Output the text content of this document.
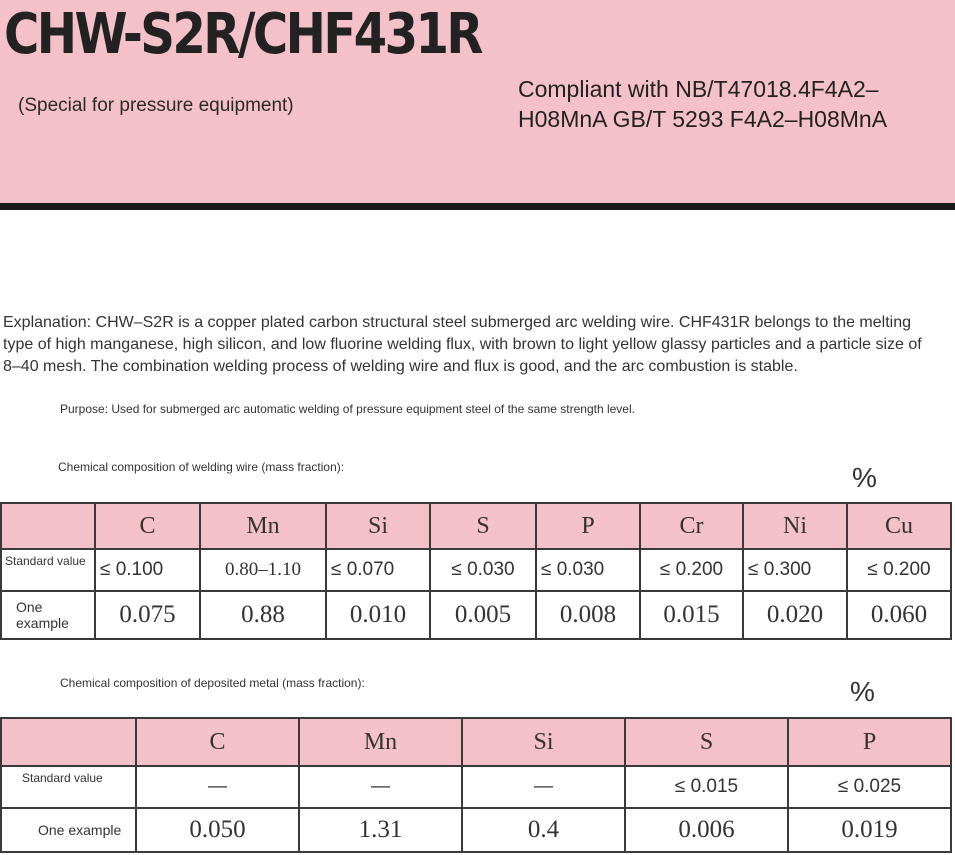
CHW-S2R/CHF431R
(Special for pressure equipment)
Compliant with NB/T47018.4F4A2–H08MnA GB/T 5293 F4A2–H08MnA
Explanation: CHW–S2R is a copper plated carbon structural steel submerged arc welding wire. CHF431R belongs to the melting type of high manganese, high silicon, and low fluorine welding flux, with brown to light yellow glassy particles and a particle size of 8–40 mesh. The combination welding process of welding wire and flux is good, and the arc combustion is stable.
Purpose: Used for submerged arc automatic welding of pressure equipment steel of the same strength level.
Chemical composition of welding wire (mass fraction):	%
	C	Mn	Si	S	P	Cr	Ni	Cu
Standard value	≤ 0.100	0.80–1.10	≤ 0.070	≤ 0.030	≤ 0.030	≤ 0.200	≤ 0.300	≤ 0.200
One example	0.075	0.88	0.010	0.005	0.008	0.015	0.020	0.060
Chemical composition of deposited metal (mass fraction):	%
	C	Mn	Si	S	P
Standard value	—	—	—	≤ 0.015	≤ 0.025
One example	0.050	1.31	0.4	0.006	0.019
